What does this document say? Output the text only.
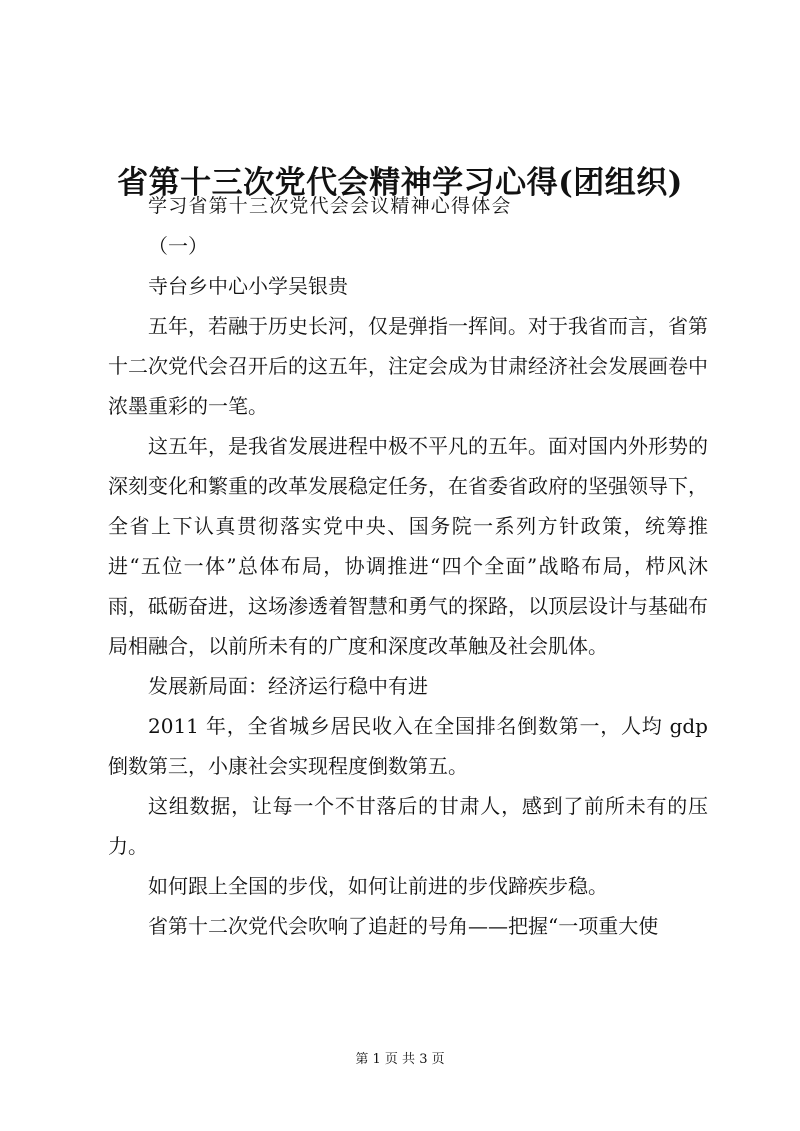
省第十三次党代会精神学习心得(团组织)

学习省第十三次党代会会议精神心得体会

（一）

寺台乡中心小学吴银贵

五年，若融于历史长河，仅是弹指一挥间。对于我省而言，省第十二次党代会召开后的这五年，注定会成为甘肃经济社会发展画卷中浓墨重彩的一笔。

这五年，是我省发展进程中极不平凡的五年。面对国内外形势的深刻变化和繁重的改革发展稳定任务，在省委省政府的坚强领导下，全省上下认真贯彻落实党中央、国务院一系列方针政策，统筹推进“五位一体”总体布局，协调推进“四个全面”战略布局，栉风沐雨，砥砺奋进，这场渗透着智慧和勇气的探路，以顶层设计与基础布局相融合，以前所未有的广度和深度改革触及社会肌体。

发展新局面：经济运行稳中有进

2011 年，全省城乡居民收入在全国排名倒数第一，人均 gdp 倒数第三，小康社会实现程度倒数第五。

这组数据，让每一个不甘落后的甘肃人，感到了前所未有的压力。

如何跟上全国的步伐，如何让前进的步伐蹄疾步稳。

省第十二次党代会吹响了追赶的号角——把握“一项重大使

第 1 页 共 3 页
